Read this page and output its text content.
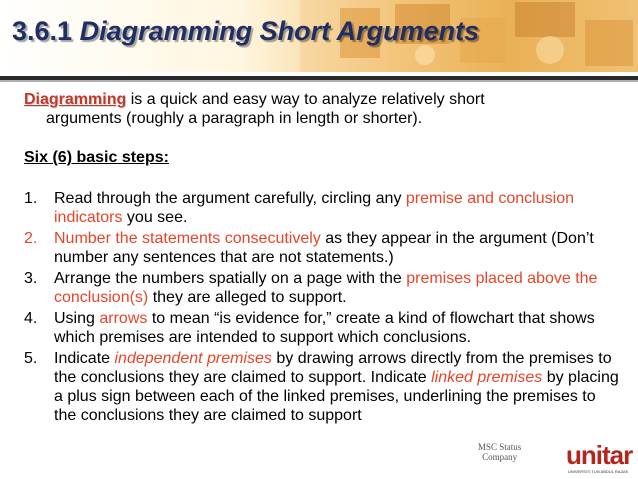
3.6.1 Diagramming Short Arguments

Diagramming is a quick and easy way to analyze relatively short
arguments (roughly a paragraph in length or shorter).

Six (6) basic steps:

1. Read through the argument carefully, circling any premise and conclusion indicators you see.
2. Number the statements consecutively as they appear in the argument (Don’t number any sentences that are not statements.)
3. Arrange the numbers spatially on a page with the premises placed above the conclusion(s) they are alleged to support.
4. Using arrows to mean “is evidence for,” create a kind of flowchart that shows which premises are intended to support which conclusions.
5. Indicate independent premises by drawing arrows directly from the premises to the conclusions they are claimed to support. Indicate linked premises by placing a plus sign between each of the linked premises, underlining the premises to the conclusions they are claimed to support
MSC Status
Company unitar
UNIVERSITI TUN ABDUL RAZAK
